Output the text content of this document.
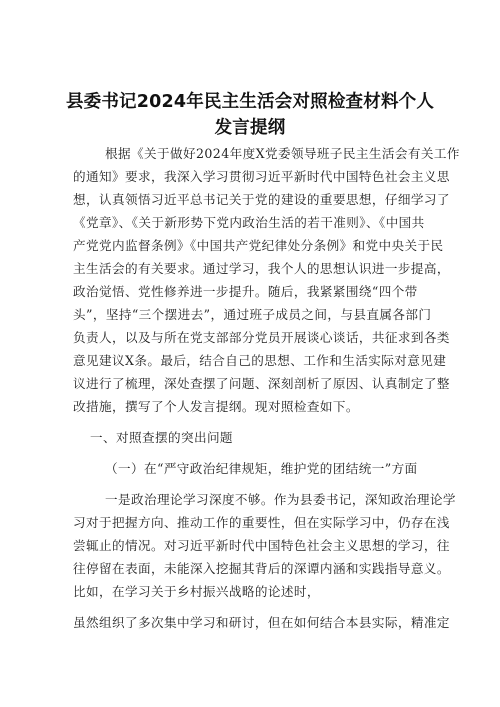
县委书记2024年民主生活会对照检查材料个人
发言提纲
根据《关于做好2024年度X党委领导班子民主生活会有关工作
的通知》要求，我深入学习贯彻习近平新时代中国特色社会主义思
想，认真领悟习近平总书记关于党的建设的重要思想，仔细学习了
《党章》、《关于新形势下党内政治生活的若干准则》、《中国共
产党党内监督条例》《中国共产党纪律处分条例》和党中央关于民
主生活会的有关要求。通过学习，我个人的思想认识进一步提高，
政治觉悟、党性修养进一步提升。随后，我紧紧围绕“四个带
头”，坚持“三个摆进去”，通过班子成员之间，与县直属各部门
负责人，以及与所在党支部部分党员开展谈心谈话，共征求到各类
意见建议X条。最后，结合自己的思想、工作和生活实际对意见建
议进行了梳理，深处查摆了问题、深刻剖析了原因、认真制定了整
改措施，撰写了个人发言提纲。现对照检查如下。
一、对照查摆的突出问题
（一）在“严守政治纪律规矩，维护党的团结统一”方面
一是政治理论学习深度不够。作为县委书记，深知政治理论学
习对于把握方向、推动工作的重要性，但在实际学习中，仍存在浅
尝辄止的情况。对习近平新时代中国特色社会主义思想的学习，往
往停留在表面，未能深入挖掘其背后的深谭内涵和实践指导意义。
比如，在学习关于乡村振兴战略的论述时，
虽然组织了多次集中学习和研讨，但在如何结合本县实际，精准定
